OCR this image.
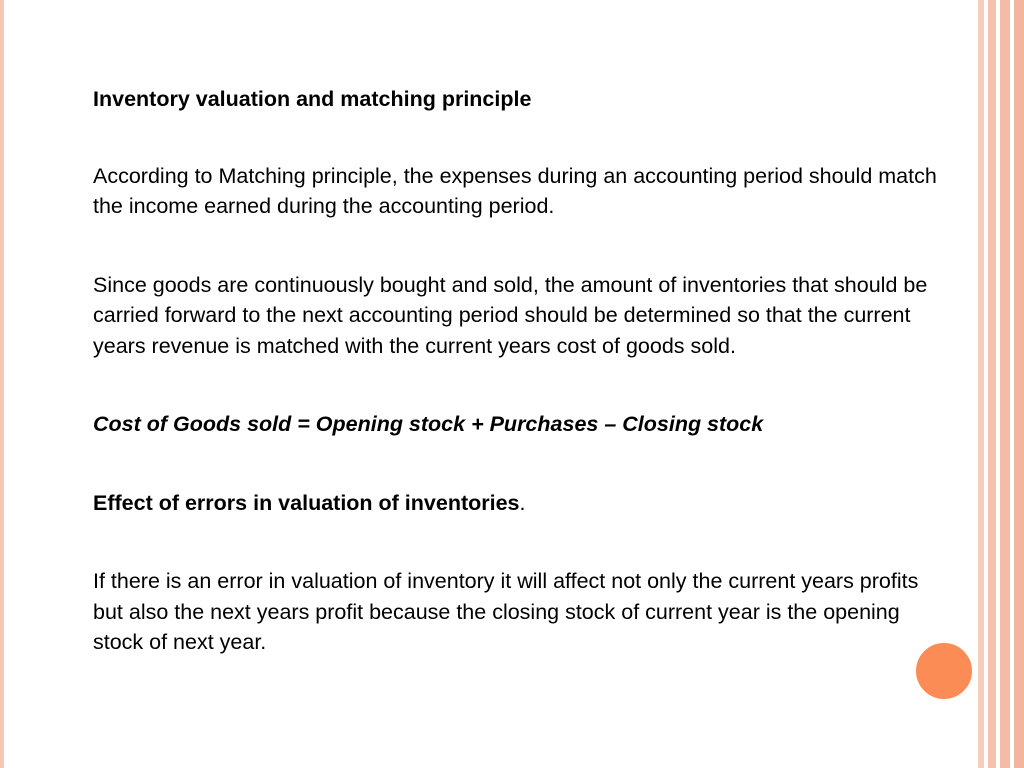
Inventory valuation and matching principle

According to Matching principle, the expenses during an accounting period should match the income earned during the accounting period.

Since goods are continuously bought and sold, the amount of inventories that should be carried forward to the next accounting period should be determined so that the current years revenue is matched with the current years cost of goods sold.

Cost of Goods sold = Opening stock + Purchases – Closing stock

Effect of errors in valuation of inventories.

If there is an error in valuation of inventory it will affect not only the current years profits but also the next years profit because the closing stock of current year is the opening stock of next year.
